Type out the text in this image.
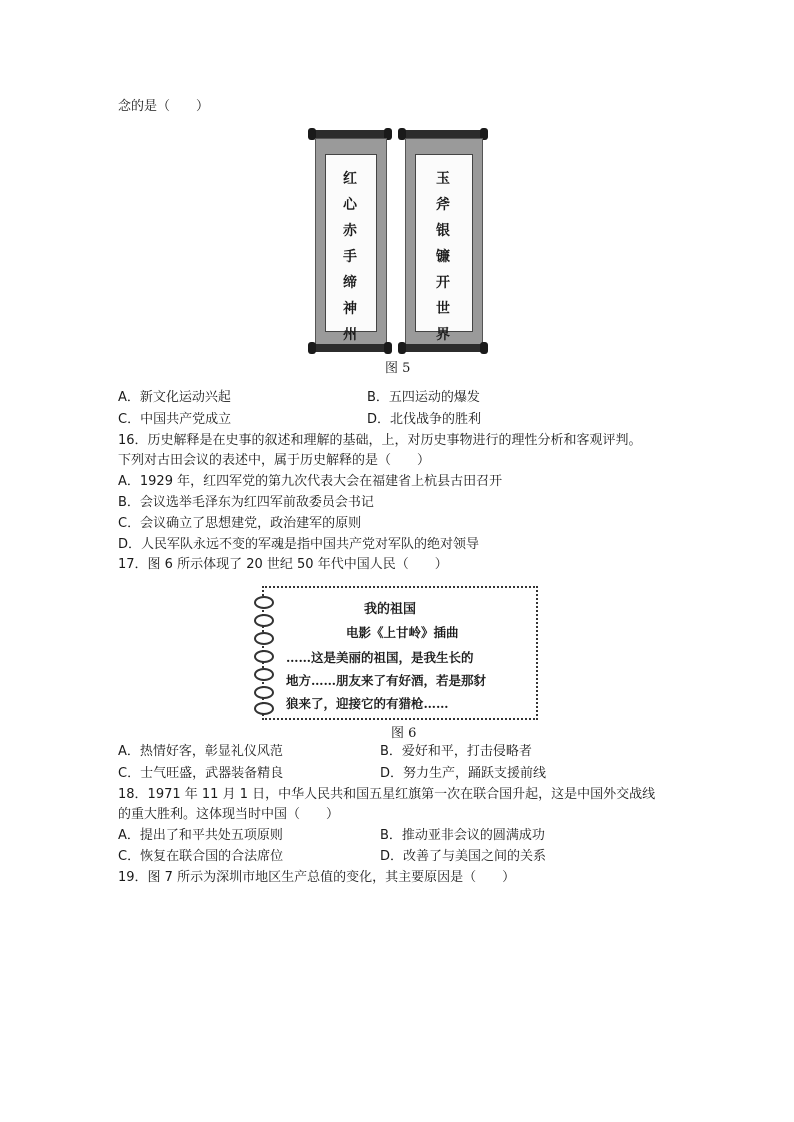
念的是（　　）
红
心
赤
手
缔
神
州
玉
斧
银
镰
开
世
界
图 5
A．新文化运动兴起	B．五四运动的爆发
C．中国共产党成立	D．北伐战争的胜利
16．历史解释是在史事的叙述和理解的基础，上，对历史事物进行的理性分析和客观评判。
下列对古田会议的表述中，属于历史解释的是（　　）
A．1929 年，红四军党的第九次代表大会在福建省上杭县古田召开
B．会议选举毛泽东为红四军前敌委员会书记
C．会议确立了思想建党，政治建军的原则
D．人民军队永远不变的军魂是指中国共产党对军队的绝对领导
17．图 6 所示体现了 20 世纪 50 年代中国人民（　　）
我的祖国
电影《上甘岭》插曲
……这是美丽的祖国，是我生长的
地方……朋友来了有好酒，若是那豺
狼来了，迎接它的有猎枪……
图 6
A．热情好客，彰显礼仪风范	B．爱好和平，打击侵略者
C．士气旺盛，武器装备精良	D．努力生产，踊跃支援前线
18．1971 年 11 月 1 日，中华人民共和国五星红旗第一次在联合国升起，这是中国外交战线
的重大胜利。这体现当时中国（　　）
A．提出了和平共处五项原则	B．推动亚非会议的圆满成功
C．恢复在联合国的合法席位	D．改善了与美国之间的关系
19．图 7 所示为深圳市地区生产总值的变化，其主要原因是（　　）
